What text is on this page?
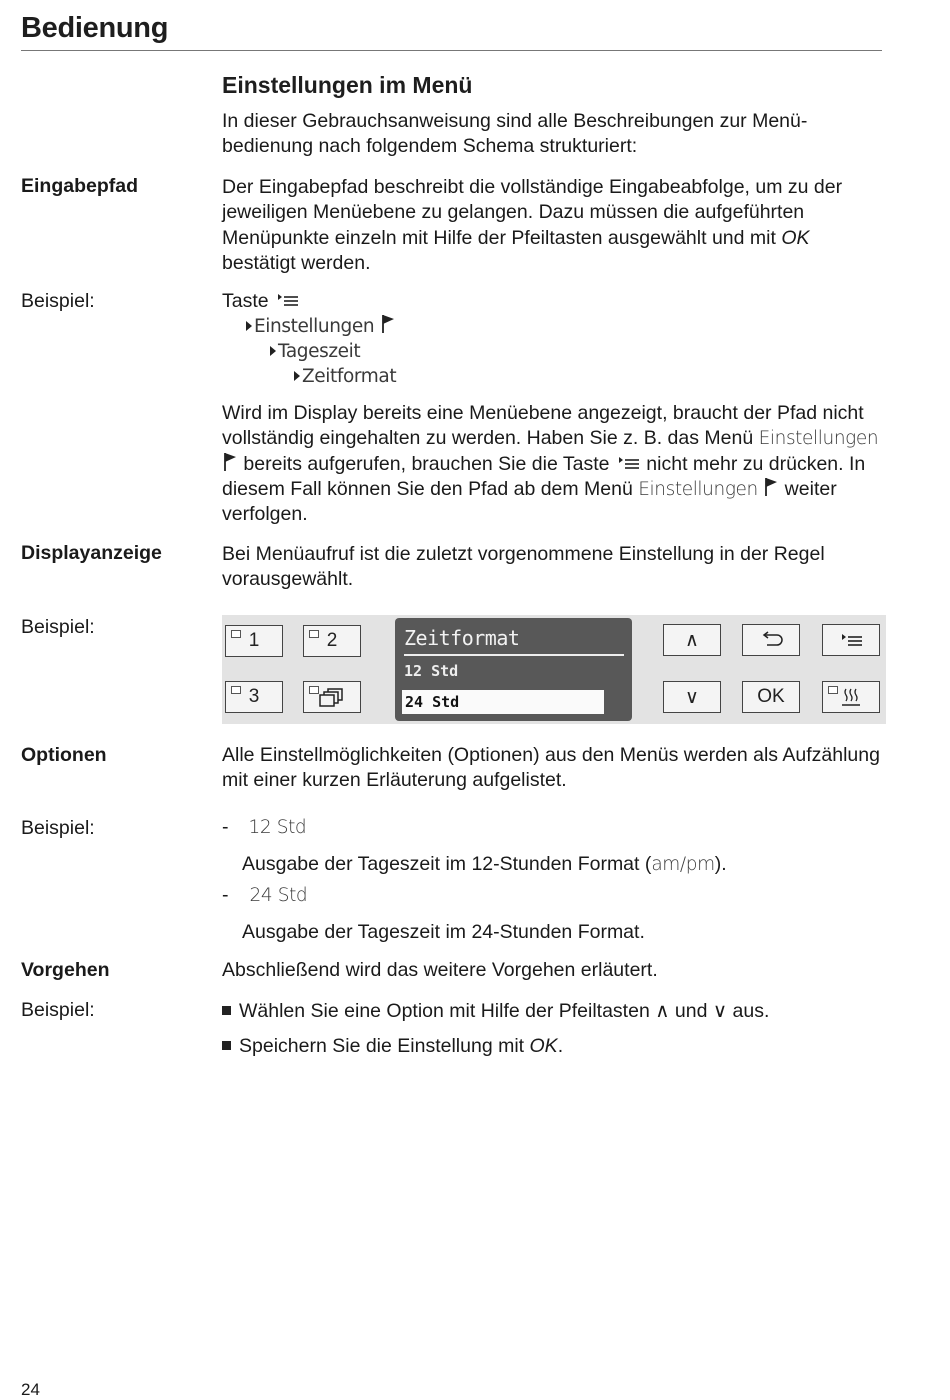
Bedienung
Einstellungen im Menü
In dieser Gebrauchsanweisung sind alle Beschreibungen zur Menübedienung nach folgendem Schema strukturiert:
Eingabepfad	Der Eingabepfad beschreibt die vollständige Eingabeabfolge, um zu der jeweiligen Menüebene zu gelangen. Dazu müssen die aufgeführten Menüpunkte einzeln mit Hilfe der Pfeiltasten ausgewählt und mit OK bestätigt werden.
Beispiel:	Taste
Einstellungen
Tageszeit
Zeitformat
Wird im Display bereits eine Menüebene angezeigt, braucht der Pfad nicht vollständig eingehalten zu werden. Haben Sie z. B. das Menü Einstellungen  bereits aufgerufen, brauchen Sie die Taste  nicht mehr zu drücken. In diesem Fall können Sie den Pfad ab dem Menü Einstellungen  weiter verfolgen.
Displayanzeige	Bei Menüaufruf ist die zuletzt vorgenommene Einstellung in der Regel vorausgewählt.
Beispiel:
1	2
3
Zeitformat
12 Std
24 Std
∧
∨	OK
Optionen	Alle Einstellmöglichkeiten (Optionen) aus den Menüs werden als Aufzählung mit einer kurzen Erläuterung aufgelistet.
Beispiel:	- 12 Std
Ausgabe der Tageszeit im 12-Stunden Format (am/pm).
- 24 Std
Ausgabe der Tageszeit im 24-Stunden Format.
Vorgehen	Abschließend wird das weitere Vorgehen erläutert.
Beispiel:	Wählen Sie eine Option mit Hilfe der Pfeiltasten ∧ und ∨ aus.
Speichern Sie die Einstellung mit OK.
24
